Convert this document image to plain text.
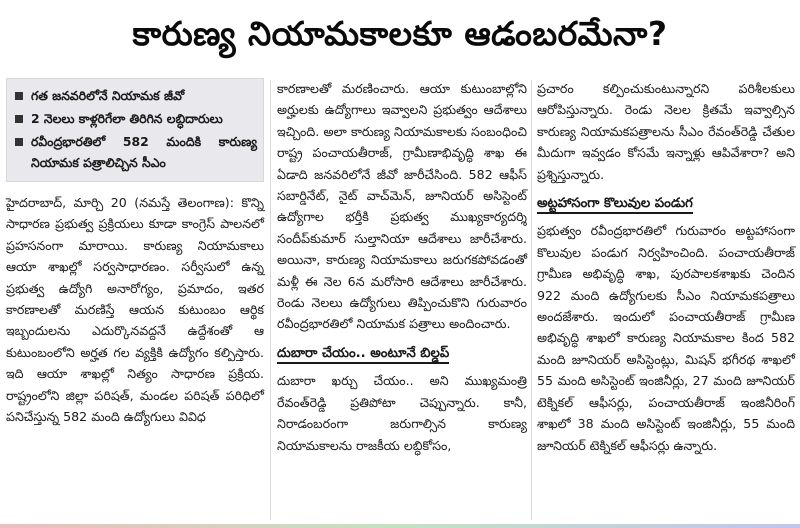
కారుణ్య నియామకాలకూ ఆడంబరమేనా?
గత జనవరిలోనే నియామక జీవో
2 నెలలు కాళ్లరిగేలా తిరిగిన లబ్ధిదారులు
రవీంద్రభారతిలో 582 మందికి కారుణ్య నియామక పత్రాలిచ్చిన సీఎం

హైదరాబాద్, మార్చి 20 (నమస్తే తెలంగాణ): కొన్ని సాధారణ ప్రభుత్వ ప్రక్రియలు కూడా కాంగ్రెస్ పాలనలో ప్రహసనంగా మారాయి. కారుణ్య నియామకాలు ఆయా శాఖల్లో సర్వసాధారణం. సర్వీసులో ఉన్న ప్రభుత్వ ఉద్యోగి అనారోగ్యం, ప్రమాదం, ఇతర కారణాలతో మరణిస్తే ఆయన కుటుంబం ఆర్థిక ఇబ్బందులను ఎదుర్కొనవద్దనే ఉద్దేశంతో ఆ కుటుంబంలోని అర్హత గల వ్యక్తికి ఉద్యోగం కల్పిస్తారు. ఇది ఆయా శాఖల్లో నిత్యం సాధారణ ప్రక్రియ. రాష్ట్రంలోని జిల్లా పరిషత్, మండల పరిషత్ పరిధిలో పనిచేస్తున్న 582 మంది ఉద్యోగులు వివిధ

కారణాలతో మరణించారు. ఆయా కుటుంబాల్లోని అర్హులకు ఉద్యోగాలు ఇవ్వాలని ప్రభుత్వం ఆదేశాలు ఇచ్చింది. అలా కారుణ్య నియామకాలకు సంబంధించి రాష్ట్ర పంచాయతీరాజ్, గ్రామీణాభివృద్ధి శాఖ ఈ ఏడాది జనవరిలోనే జీవో జారీచేసింది. 582 ఆఫీస్ సబార్డినేట్, నైట్ వాచ్‌మెన్, జూనియర్ అసిస్టెంట్ ఉద్యోగాల భర్తీకి ప్రభుత్వ ముఖ్యకార్యదర్శి సందీప్‌కుమార్ సుల్తానియా ఆదేశాలు జారీచేశారు. అయినా, కారుణ్య నియామకాలు జరుగకపోవడంతో మళ్లీ ఈ నెల 6న మరోసారి ఆదేశాలు జారీచేశారు. రెండు నెలలు ఉద్యోగులు తిప్పించుకొని గురువారం రవీంద్రభారతిలో నియామక పత్రాలు అందించారు.

దుబారా చేయం.. అంటూనే బిల్డప్

దుబారా ఖర్చు చేయం.. అని ముఖ్యమంత్రి రేవంత్‌రెడ్డి ప్రతిపోటా చెప్పున్నారు. కానీ, నిరాడంబరంగా జరుగాల్సిన కారుణ్య నియామకాలను రాజకీయ లబ్ధికోసం,

ప్రచారం కల్పించుకుంటున్నారని పరిశీలకులు ఆరోపిస్తున్నారు. రెండు నెలల క్రితమే ఇవ్వాల్సిన కారుణ్య నియామకపత్రాలను సీఎం రేవంత్‌రెడ్డి చేతుల మీదుగా ఇవ్వడం కోసమే ఇన్నాళ్లు ఆపివేశారా? అని ప్రశ్నిస్తున్నారు.

అట్టహాసంగా కొలువుల పండుగ

ప్రభుత్వం రవీంద్రభారతిలో గురువారం అట్టహాసంగా కొలువుల పండుగ నిర్వహించింది. పంచాయతీరాజ్ గ్రామీణ అభివృద్ధి శాఖ, పురపాలకశాఖకు చెందిన 922 మంది ఉద్యోగులకు సీఎం నియామకపత్రాలు అందజేశారు. ఇందులో పంచాయతీరాజ్ గ్రామీణ అభివృద్ధి శాఖలో కారుణ్య నియామకాల కింద 582 మంది జూనియర్ అసిస్టెంట్లు, మిషన్ భగీరథ శాఖలో 55 మంది అసిస్టెంట్ ఇంజినీర్లు, 27 మంది జూనియర్ టెక్నికల్ ఆఫీసర్లు, పంచాయతీరాజ్ ఇంజినీరింగ్ శాఖలో 38 మంది అసిస్టెంట్ ఇంజినీర్లు, 55 మంది జూనియర్ టెక్నికల్ ఆఫీసర్లు ఉన్నారు.
